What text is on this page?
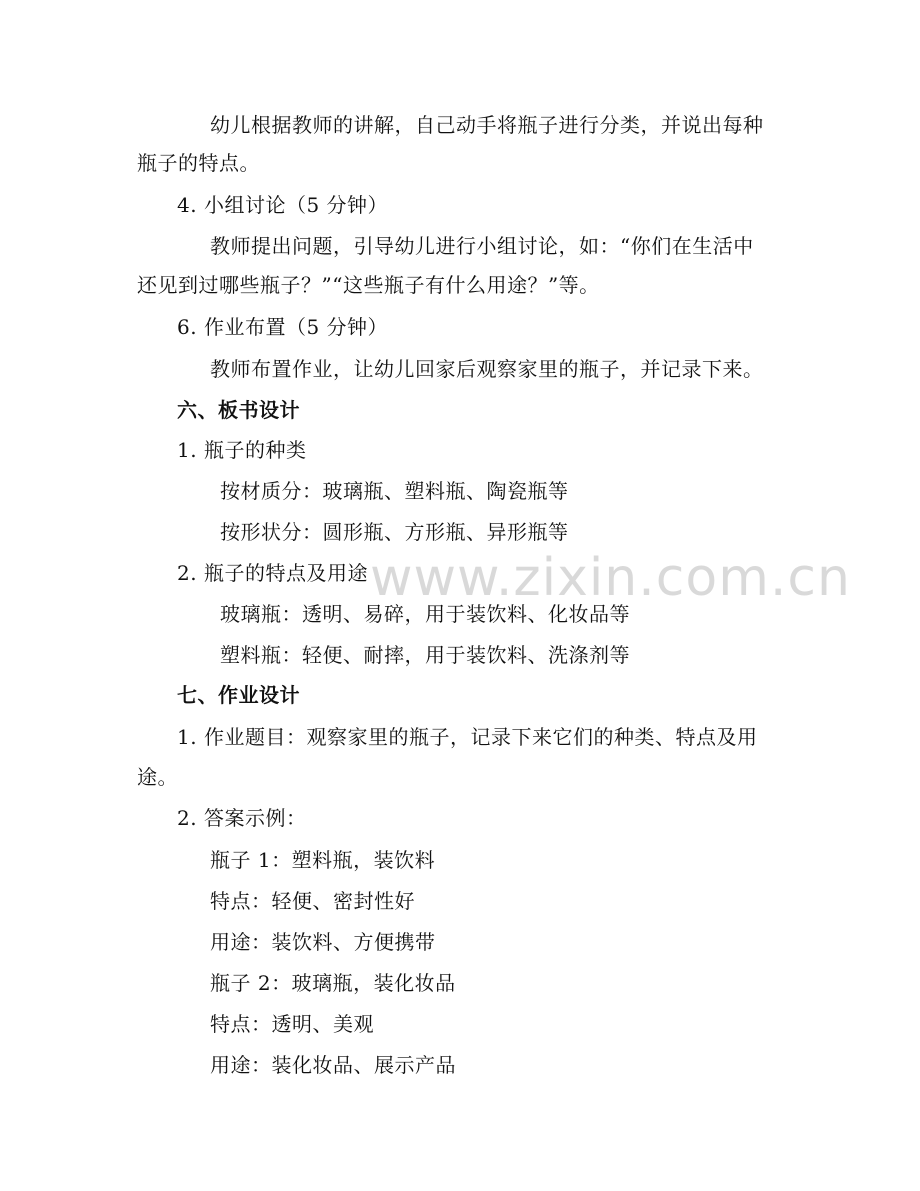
幼儿根据教师的讲解，自己动手将瓶子进行分类，并说出每种
瓶子的特点。
4. 小组讨论（5 分钟）
教师提出问题，引导幼儿进行小组讨论，如：“你们在生活中
还见到过哪些瓶子？”“这些瓶子有什么用途？”等。
6. 作业布置（5 分钟）
教师布置作业，让幼儿回家后观察家里的瓶子，并记录下来。
六、板书设计
1. 瓶子的种类
按材质分：玻璃瓶、塑料瓶、陶瓷瓶等
按形状分：圆形瓶、方形瓶、异形瓶等
2. 瓶子的特点及用途
玻璃瓶：透明、易碎，用于装饮料、化妆品等
塑料瓶：轻便、耐摔，用于装饮料、洗涤剂等
七、作业设计
1. 作业题目：观察家里的瓶子，记录下来它们的种类、特点及用
途。
2. 答案示例：
瓶子 1：塑料瓶，装饮料
特点：轻便、密封性好
用途：装饮料、方便携带
瓶子 2：玻璃瓶，装化妆品
特点：透明、美观
用途：装化妆品、展示产品
www.zixin.com.cn
